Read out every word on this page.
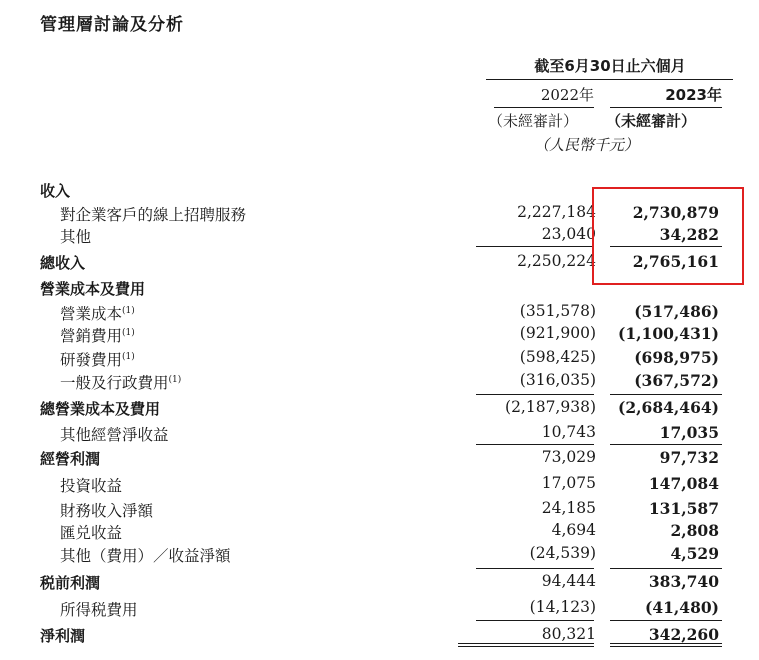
管理層討論及分析
截至6月30日止六個月
2022年	2023年
（未經審計） （未經審計）
（人民幣千元）
收入
對企業客戶的線上招聘服務	2,227,184 2,730,879
其他	23,040	34,282
總收入	2,250,224 2,765,161
營業成本及費用
營業成本$^{(1)}$	(351,578) (517,486)
營銷費用$^{(1)}$	(921,900) (1,100,431)
研發費用$^{(1)}$	(598,425) (698,975)
一般及行政費用$^{(1)}$	(316,035) (367,572)
總營業成本及費用	(2,187,938) (2,684,464)
其他經營淨收益	10,743	17,035
經營利潤	73,029	97,732
投資收益	17,075	147,084
財務收入淨額	24,185	131,587
匯兑收益	4,694	2,808
其他（費用）／收益淨額	(24,539)	4,529
税前利潤	94,444	383,740
所得税費用	(14,123)	(41,480)
淨利潤	80,321	342,260
